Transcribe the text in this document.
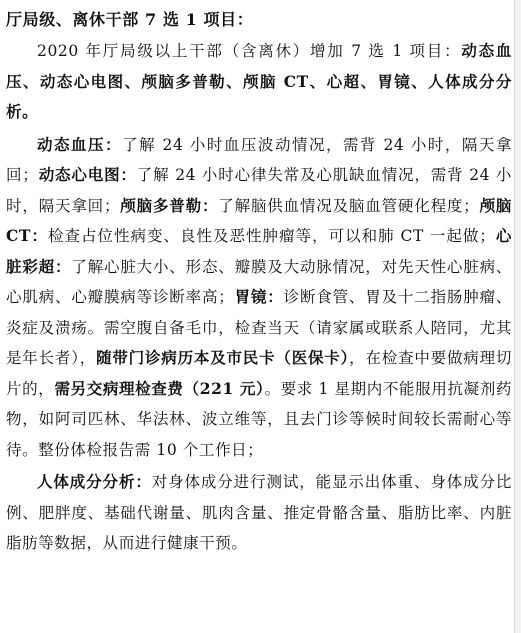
厅局级、离休干部 7 选 1 项目：

2020 年厅局级以上干部（含离休）增加 7 选 1 项目：动态血压、动态心电图、颅脑多普勒、颅脑 CT、心超、胃镜、人体成分分析。

动态血压：了解 24 小时血压波动情况，需背 24 小时，隔天拿回；动态心电图：了解 24 小时心律失常及心肌缺血情况，需背 24 小时，隔天拿回；颅脑多普勒：了解脑供血情况及脑血管硬化程度；颅脑 CT：检查占位性病变、良性及恶性肿瘤等，可以和肺 CT 一起做；心脏彩超：了解心脏大小、形态、瓣膜及大动脉情况，对先天性心脏病、心肌病、心瓣膜病等诊断率高；胃镜：诊断食管、胃及十二指肠肿瘤、炎症及溃疡。需空腹自备毛巾，检查当天（请家属或联系人陪同，尤其是年长者），随带门诊病历本及市民卡（医保卡），在检查中要做病理切片的，需另交病理检查费（221 元）。要求 1 星期内不能服用抗凝剂药物，如阿司匹林、华法林、波立维等，且去门诊等候时间较长需耐心等待。整份体检报告需 10 个工作日；

人体成分分析：对身体成分进行测试，能显示出体重、身体成分比例、肥胖度、基础代谢量、肌肉含量、推定骨骼含量、脂肪比率、内脏脂肪等数据，从而进行健康干预。
